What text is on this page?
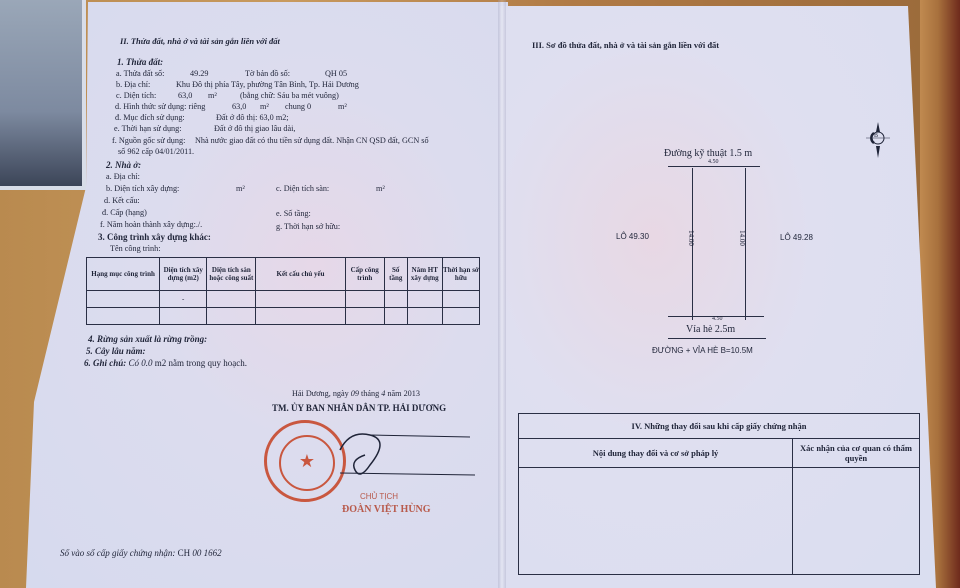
II. Thửa đất, nhà ở và tài sản gắn liền với đất
1. Thửa đất:
a. Thửa đất số:	49.29	Tờ bản đồ số:	QH 05
b. Địa chỉ:	Khu Đô thị phía Tây, phường Tân Bình, Tp. Hải Dương
c. Diện tích:	63,0 m²	(bằng chữ: Sáu ba mét vuông)
d. Hình thức sử dụng: riêng	63,0 m² chung 0	m²
đ. Mục đích sử dụng:	Đất ở đô thị: 63,0 m2;
e. Thời hạn sử dụng:	Đất ở đô thị giao lâu dài,
f. Nguồn gốc sử dụng: Nhà nước giao đất có thu tiền sử dụng đất. Nhận CN QSD đất, GCN số
số 962 cấp 04/01/2011.
2. Nhà ở:
a. Địa chỉ:
b. Diện tích xây dựng:	m²	c. Diện tích sàn:	m²
d. Kết cấu:
đ. Cấp (hạng)	e. Số tầng:
f. Năm hoàn thành xây dựng:./.	g. Thời hạn sở hữu:
3. Công trình xây dựng khác:
Tên công trình:
Hạng mục công trình	Diện tích xây dựng (m2)	Diện tích sàn hoặc công suất	Kết cấu chủ yếu	Cấp công trình	Số tầng	Năm HT xây dựng	Thời hạn sở hữu
	-						

4. Rừng sản xuất là rừng trồng:
5. Cây lâu năm:
6. Ghi chú: Có 0.0 m2 nằm trong quy hoạch.
Hải Dương, ngày 09 tháng 4 năm 2013
TM. ỦY BAN NHÂN DÂN TP. HẢI DƯƠNG
★
CHỦ TỊCH
ĐOÀN VIỆT HÙNG
Số vào sổ cấp giấy chứng nhận: CH 00 1662
III. Sơ đồ thửa đất, nhà ở và tài sản gắn liền với đất
B
Đường kỹ thuật 1.5 m
4.50
14.00	14.00
LÔ 49.30	LÔ 49.28
4.50
Vỉa hè 2.5m
ĐƯỜNG + VỈA HÈ B=10.5M
IV. Những thay đổi sau khi cấp giấy chứng nhận	
Nội dung thay đổi và cơ sở pháp lý	Xác nhận của cơ quan có thẩm quyền
